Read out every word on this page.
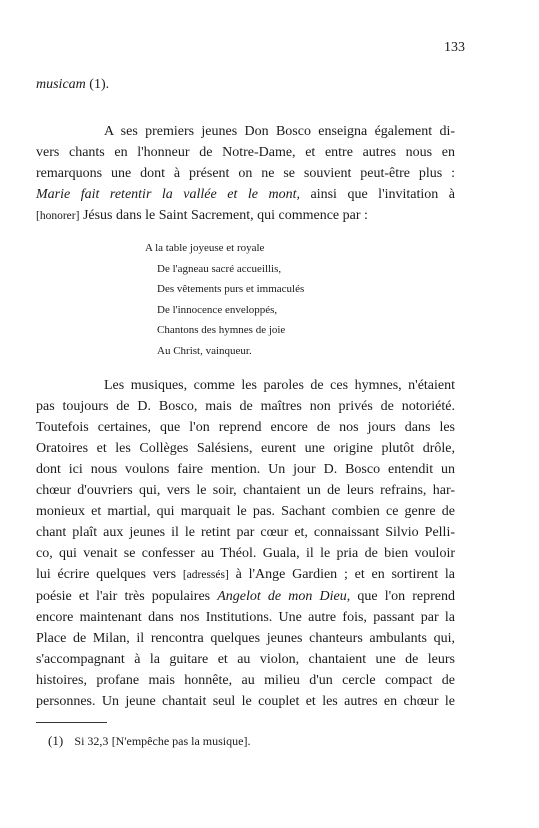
133
musicam (1).
A ses premiers jeunes Don Bosco enseigna également di-
vers chants en l'honneur de Notre-Dame, et entre autres nous en
remarquons une dont à présent on ne se souvient peut-être plus :
Marie fait retentir la vallée et le mont, ainsi que l'invitation à
[honorer] Jésus dans le Saint Sacrement, qui commence par :
A la table joyeuse et royale
De l'agneau sacré accueillis,
Des vêtements purs et immaculés
De l'innocence enveloppés,
Chantons des hymnes de joie
Au Christ, vainqueur.
Les musiques, comme les paroles de ces hymnes, n'étaient
pas toujours de D. Bosco, mais de maîtres non privés de notoriété.
Toutefois certaines, que l'on reprend encore de nos jours dans les
Oratoires et les Collèges Salésiens, eurent une origine plutôt drôle,
dont ici nous voulons faire mention. Un jour D. Bosco entendit un
chœur d'ouvriers qui, vers le soir, chantaient un de leurs refrains, har-
monieux et martial, qui marquait le pas. Sachant combien ce genre de
chant plaît aux jeunes il le retint par cœur et, connaissant Silvio Pelli-
co, qui venait se confesser au Théol. Guala, il le pria de bien vouloir
lui écrire quelques vers [adressés] à l'Ange Gardien ; et en sortirent la
poésie et l'air très populaires Angelot de mon Dieu, que l'on reprend
encore maintenant dans nos Institutions. Une autre fois, passant par la
Place de Milan, il rencontra quelques jeunes chanteurs ambulants qui,
s'accompagnant à la guitare et au violon, chantaient une de leurs
histoires, profane mais honnête, au milieu d'un cercle compact de
personnes. Un jeune chantait seul le couplet et les autres en chœur le
(1) Si 32,3 [N'empêche pas la musique].
